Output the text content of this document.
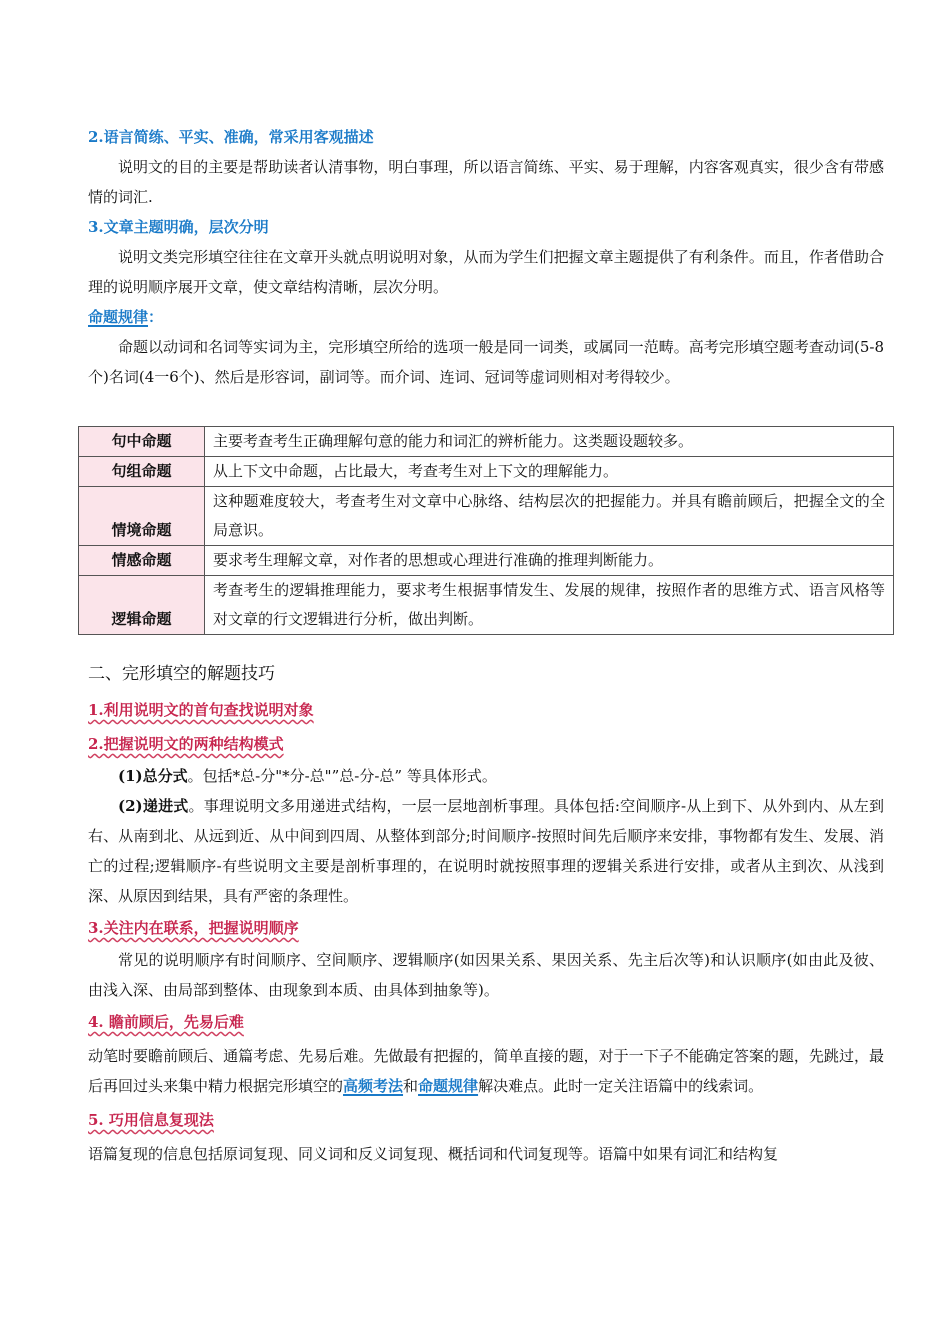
2.语言简练、平实、准确，常采用客观描述

说明文的目的主要是帮助读者认清事物，明白事理，所以语言简练、平实、易于理解，内容客观真实，很少含有带感情的词汇.

3.文章主题明确，层次分明

说明文类完形填空往往在文章开头就点明说明对象，从而为学生们把握文章主题提供了有利条件。而且，作者借助合理的说明顺序展开文章，使文章结构清晰，层次分明。

命题规律：

命题以动词和名词等实词为主，完形填空所给的选项一般是同一词类，或属同一范畴。高考完形填空题考查动词(5-8个)名词(4一6个)、然后是形容词，副词等。而介词、连词、冠词等虚词则相对考得较少。

句中命题	主要考查考生正确理解句意的能力和词汇的辨析能力。这类题设题较多。
句组命题	从上下文中命题，占比最大，考查考生对上下文的理解能力。
情境命题	这种题难度较大，考查考生对文章中心脉络、结构层次的把握能力。并具有瞻前顾后，把握全文的全局意识。
情感命题	要求考生理解文章，对作者的思想或心理进行准确的推理判断能力。
逻辑命题	考查考生的逻辑推理能力，要求考生根据事情发生、发展的规律，按照作者的思维方式、语言风格等对文章的行文逻辑进行分析，做出判断。
二、完形填空的解题技巧
1.利用说明文的首句查找说明对象
2.把握说明文的两种结构模式

(1)总分式。包括*总-分"*分-总"”总-分-总” 等具体形式。

(2)递进式。事理说明文多用递进式结构，一层一层地剖析事理。具体包括:空间顺序-从上到下、从外到内、从左到右、从南到北、从远到近、从中间到四周、从整体到部分;时间顺序-按照时间先后顺序来安排，事物都有发生、发展、消亡的过程;逻辑顺序-有些说明文主要是剖析事理的，在说明时就按照事理的逻辑关系进行安排，或者从主到次、从浅到深、从原因到结果，具有严密的条理性。

3.关注内在联系，把握说明顺序

常见的说明顺序有时间顺序、空间顺序、逻辑顺序(如因果关系、果因关系、先主后次等)和认识顺序(如由此及彼、由浅入深、由局部到整体、由现象到本质、由具体到抽象等)。

4. 瞻前顾后，先易后难

动笔时要瞻前顾后、通篇考虑、先易后难。先做最有把握的，简单直接的题，对于一下子不能确定答案的题，先跳过，最后再回过头来集中精力根据完形填空的高频考法和命题规律解决难点。此时一定关注语篇中的线索词。

5. 巧用信息复现法

语篇复现的信息包括原词复现、同义词和反义词复现、概括词和代词复现等。语篇中如果有词汇和结构复
